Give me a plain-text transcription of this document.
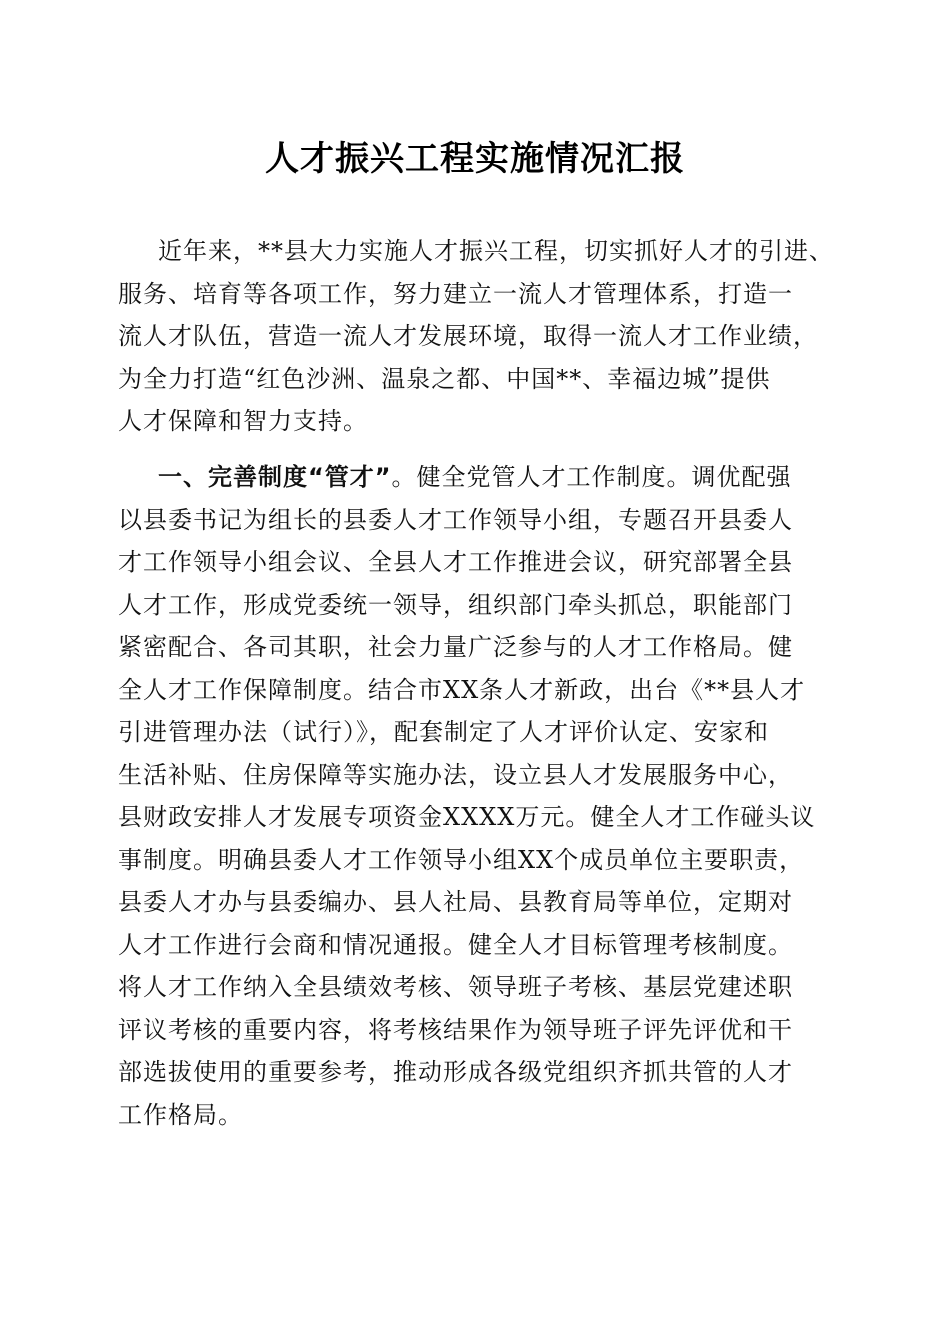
人才振兴工程实施情况汇报
近年来，**县大力实施人才振兴工程，切实抓好人才的引进、
服务、培育等各项工作，努力建立一流人才管理体系，打造一
流人才队伍，营造一流人才发展环境，取得一流人才工作业绩，
为全力打造“红色沙洲、温泉之都、中国**、幸福边城”提供
人才保障和智力支持。
一、完善制度“管才”。健全党管人才工作制度。调优配强
以县委书记为组长的县委人才工作领导小组，专题召开县委人
才工作领导小组会议、全县人才工作推进会议，研究部署全县
人才工作，形成党委统一领导，组织部门牵头抓总，职能部门
紧密配合、各司其职，社会力量广泛参与的人才工作格局。健
全人才工作保障制度。结合市XX条人才新政，出台《**县人才
引进管理办法（试行）》，配套制定了人才评价认定、安家和
生活补贴、住房保障等实施办法，设立县人才发展服务中心，
县财政安排人才发展专项资金XXXX万元。健全人才工作碰头议
事制度。明确县委人才工作领导小组XX个成员单位主要职责，
县委人才办与县委编办、县人社局、县教育局等单位，定期对
人才工作进行会商和情况通报。健全人才目标管理考核制度。
将人才工作纳入全县绩效考核、领导班子考核、基层党建述职
评议考核的重要内容，将考核结果作为领导班子评先评优和干
部选拔使用的重要参考，推动形成各级党组织齐抓共管的人才
工作格局。
